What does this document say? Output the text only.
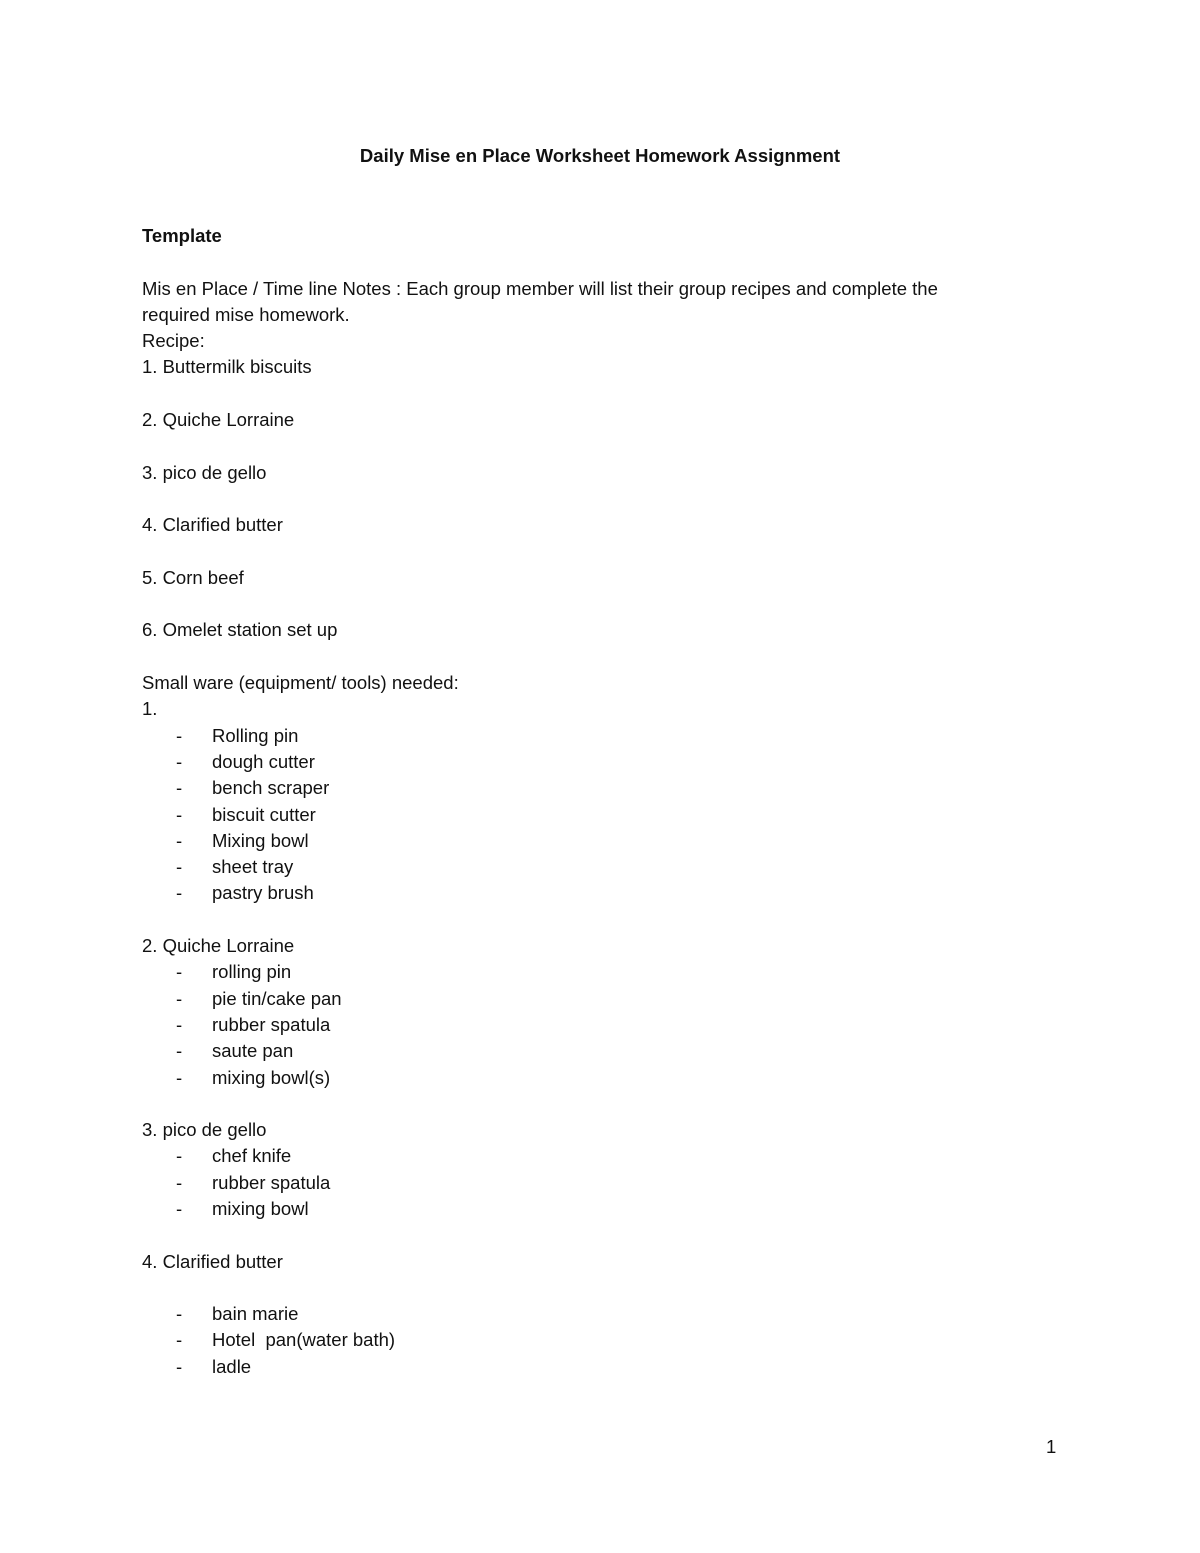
Daily Mise en Place Worksheet Homework Assignment
Template
Mis en Place / Time line Notes : Each group member will list their group recipes and complete the
required mise homework.
Recipe:
1. Buttermilk biscuits
2. Quiche Lorraine
3. pico de gello
4. Clarified butter
5. Corn beef
6. Omelet station set up
Small ware (equipment/ tools) needed:
1.
- Rolling pin
- dough cutter
- bench scraper
- biscuit cutter
- Mixing bowl
- sheet tray
- pastry brush
2. Quiche Lorraine
- rolling pin
- pie tin/cake pan
- rubber spatula
- saute pan
- mixing bowl(s)
3. pico de gello
- chef knife
- rubber spatula
- mixing bowl
4. Clarified butter
- bain marie
- Hotel  pan(water bath)
- ladle
1
